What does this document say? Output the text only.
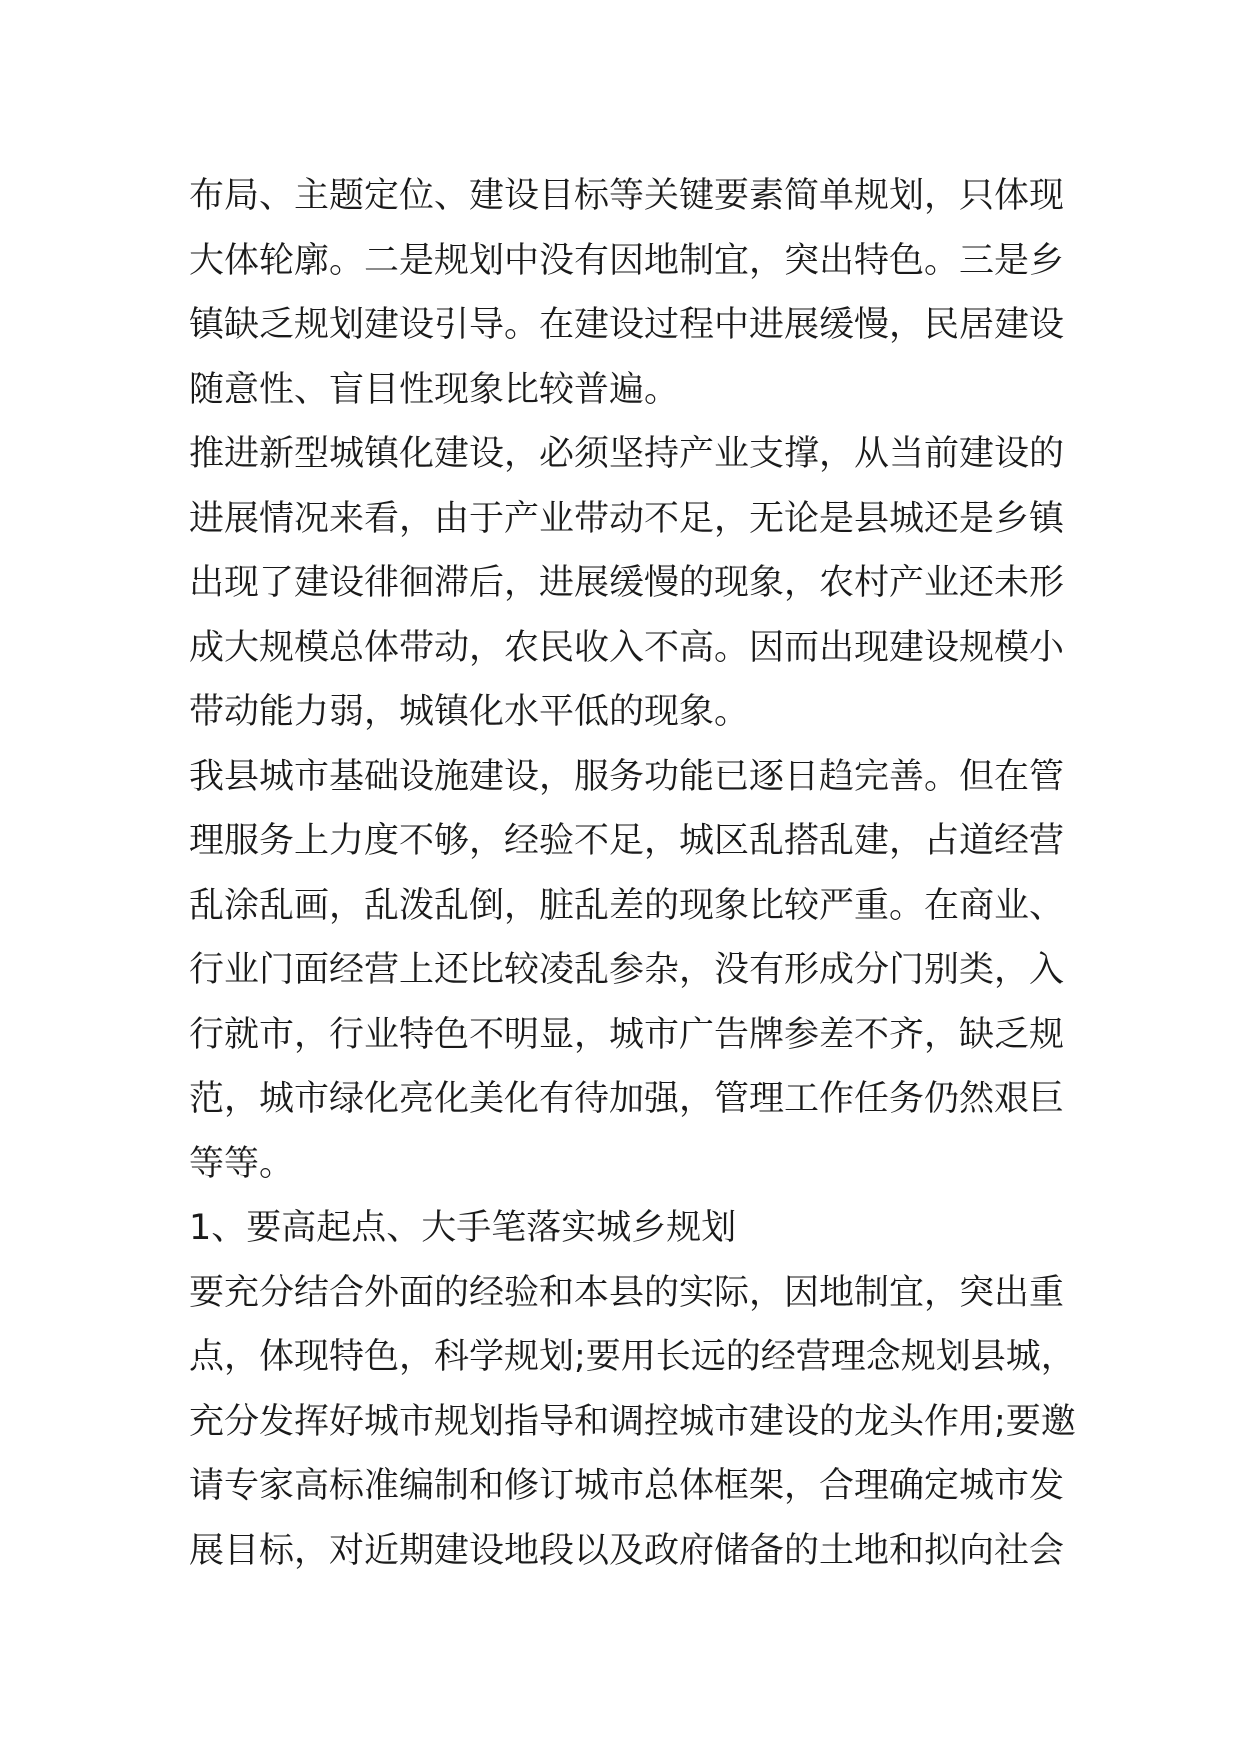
布局、主题定位、建设目标等关键要素简单规划，只体现
大体轮廓。二是规划中没有因地制宜，突出特色。三是乡
镇缺乏规划建设引导。在建设过程中进展缓慢，民居建设
随意性、盲目性现象比较普遍。
推进新型城镇化建设，必须坚持产业支撑，从当前建设的
进展情况来看，由于产业带动不足，无论是县城还是乡镇
出现了建设徘徊滞后，进展缓慢的现象，农村产业还未形
成大规模总体带动，农民收入不高。因而出现建设规模小
带动能力弱，城镇化水平低的现象。
我县城市基础设施建设，服务功能已逐日趋完善。但在管
理服务上力度不够，经验不足，城区乱搭乱建，占道经营
乱涂乱画，乱泼乱倒，脏乱差的现象比较严重。在商业、
行业门面经营上还比较凌乱参杂，没有形成分门别类，入
行就市，行业特色不明显，城市广告牌参差不齐，缺乏规
范，城市绿化亮化美化有待加强，管理工作任务仍然艰巨
等等。
1、要高起点、大手笔落实城乡规划
要充分结合外面的经验和本县的实际，因地制宜，突出重
点，体现特色，科学规划;要用长远的经营理念规划县城，
充分发挥好城市规划指导和调控城市建设的龙头作用;要邀
请专家高标准编制和修订城市总体框架，合理确定城市发
展目标，对近期建设地段以及政府储备的土地和拟向社会
